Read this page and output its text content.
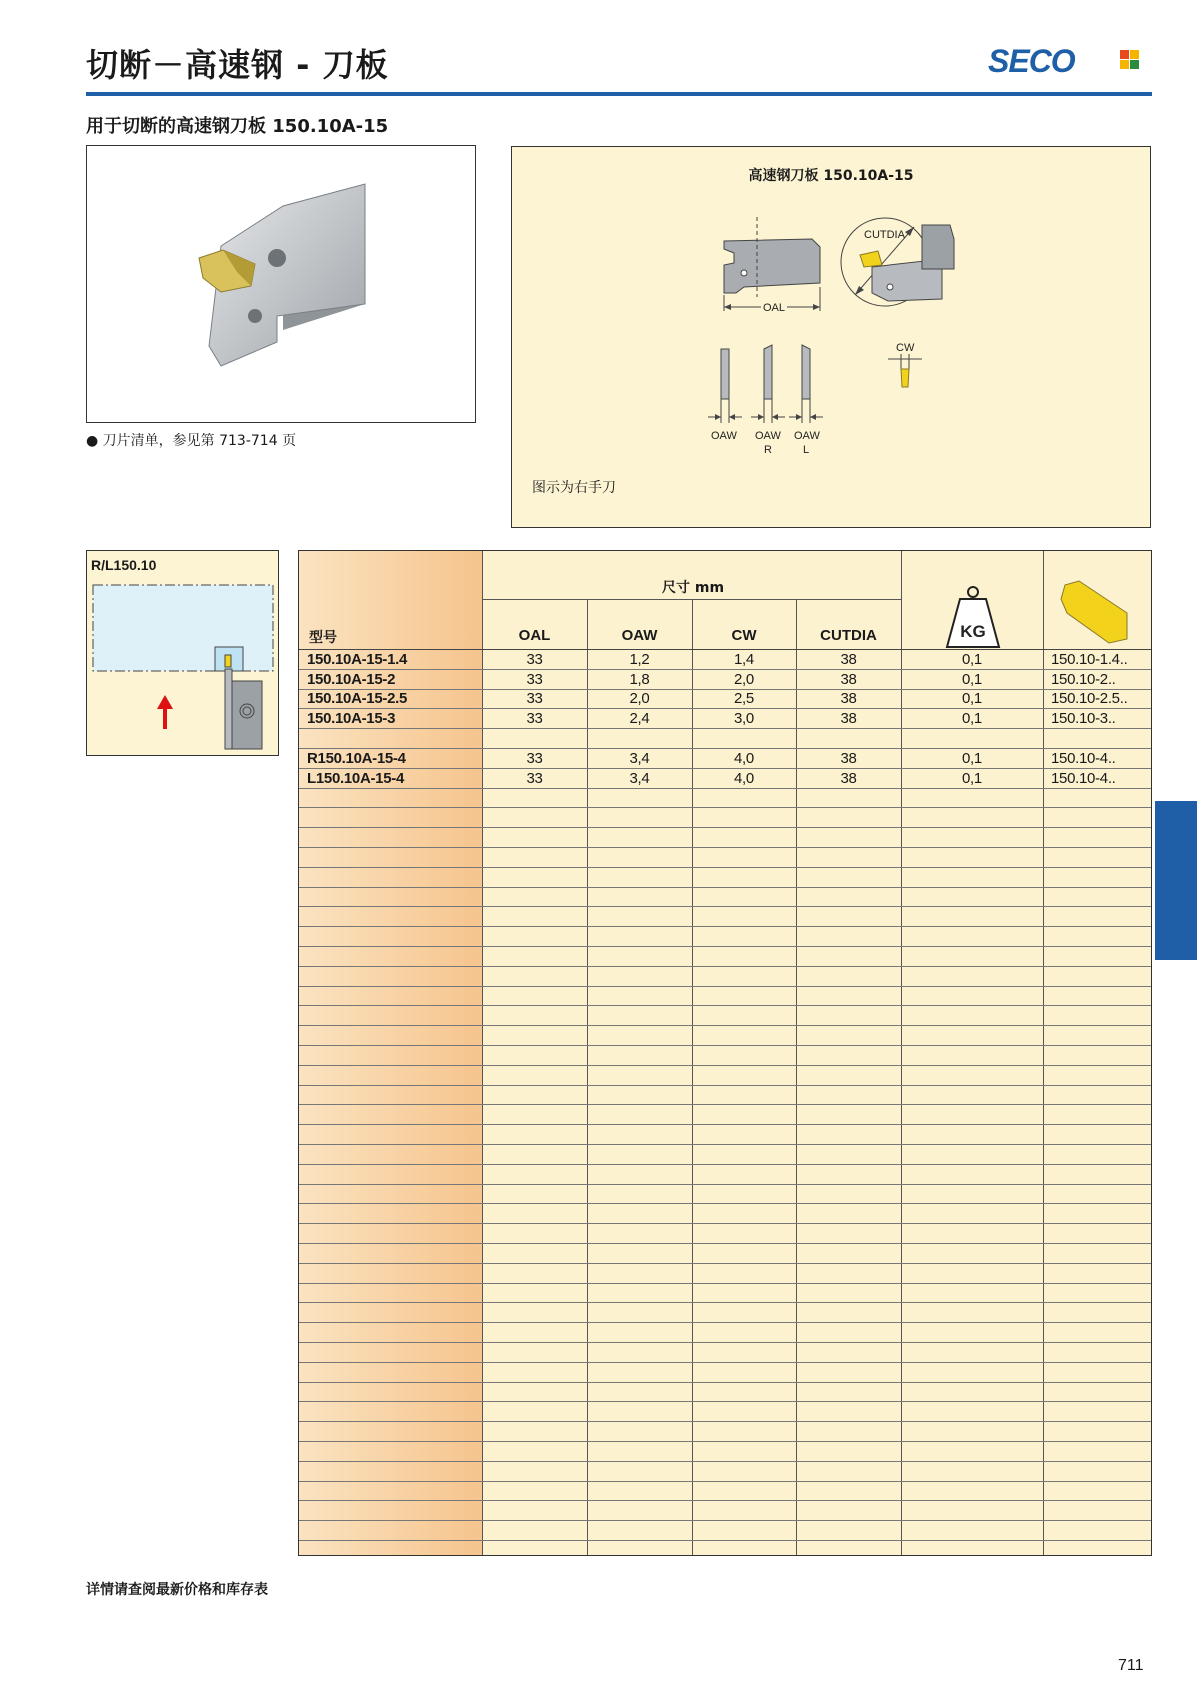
切断－高速钢 - 刀板	SECO
用于切断的高速钢刀板 150.10A-15
● 刀片清单，参见第 713-714 页
高速钢刀板 150.10A-15
OAL
CUTDIA
OAW OAW
R
OAW
L
CW
图示为右手刀
R/L150.10
尺寸 mm
型号	OAL	OAW	CW	CUTDIA	KG
150.10A-15-1.4	33	1,2	1,4	38	0,1	150.10-1.4..
150.10A-15-2	33	1,8	2,0	38	0,1	150.10-2..
150.10A-15-2.5	33	2,0	2,5	38	0,1	150.10-2.5..
150.10A-15-3	33	2,4	3,0	38	0,1	150.10-3..
R150.10A-15-4	33	3,4	4,0	38	0,1	150.10-4..
L150.10A-15-4	33	3,4	4,0	38	0,1	150.10-4..
详情请查阅最新价格和库存表
711
